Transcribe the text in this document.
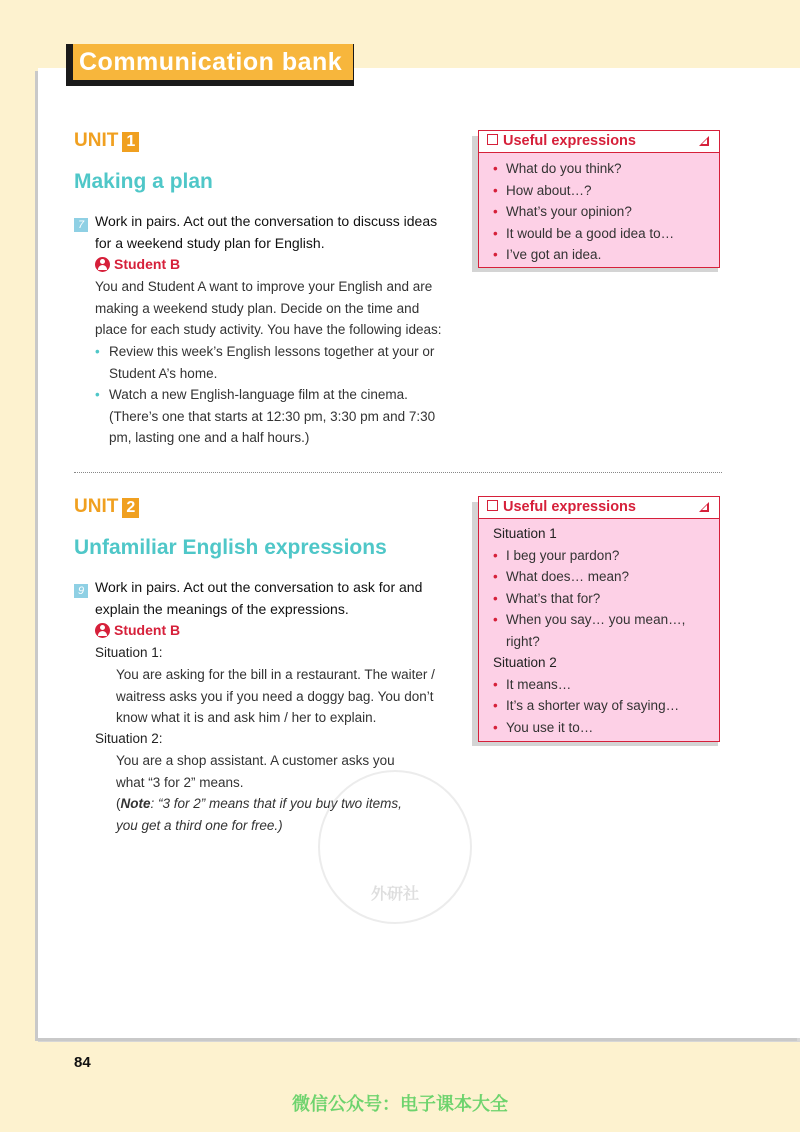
Communication bank
UNIT 1
Making a plan
7 Work in pairs. Act out the conversation to discuss ideas for a weekend study plan for English.
Student B
You and Student A want to improve your English and are making a weekend study plan. Decide on the time and place for each study activity. You have the following ideas:
• Review this week’s English lessons together at your or Student A’s home.
• Watch a new English-language film at the cinema. (There’s one that starts at 12:30 pm, 3:30 pm and 7:30 pm, lasting one and a half hours.)
Useful expressions
• What do you think?
• How about…?
• What’s your opinion?
• It would be a good idea to…
• I’ve got an idea.
UNIT 2
Unfamiliar English expressions
9 Work in pairs. Act out the conversation to ask for and explain the meanings of the expressions.
Student B
Situation 1:
You are asking for the bill in a restaurant. The waiter / waitress asks you if you need a doggy bag. You don’t know what it is and ask him / her to explain.
Situation 2:
You are a shop assistant. A customer asks you what “3 for 2” means.
(Note: “3 for 2” means that if you buy two items, you get a third one for free.)
Useful expressions
Situation 1
• I beg your pardon?
• What does… mean?
• What’s that for?
• When you say… you mean…, right?
Situation 2
• It means…
• It’s a shorter way of saying…
• You use it to…
外研社
84
微信公众号：电子课本大全
